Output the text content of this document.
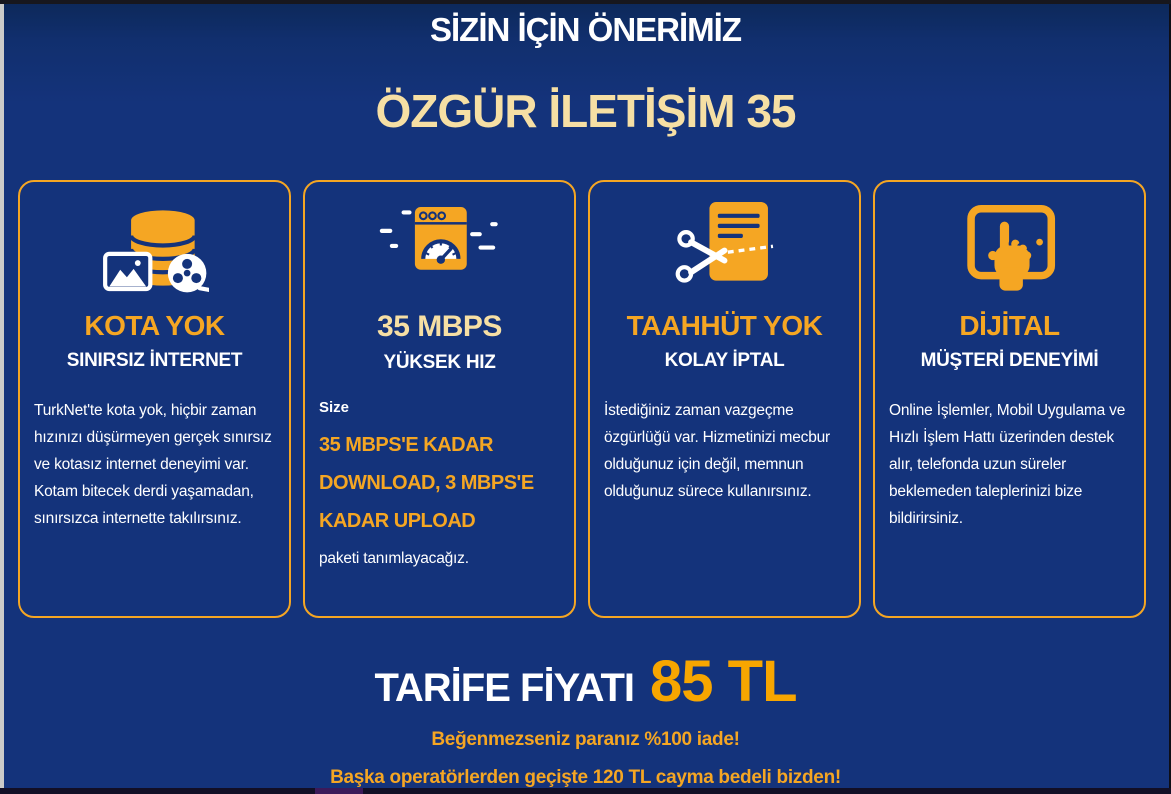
SİZİN İÇİN ÖNERİMİZ
ÖZGÜR İLETİŞİM 35
KOTA YOK
SINIRSIZ İNTERNET
TurkNet'te kota yok, hiçbir zaman hızınızı düşürmeyen gerçek sınırsız ve kotasız internet deneyimi var. Kotam bitecek derdi yaşamadan, sınırsızca internette takılırsınız.
35 MBPS
YÜKSEK HIZ
Size
35 MBPS'E KADAR DOWNLOAD, 3 MBPS'E KADAR UPLOAD
paketi tanımlayacağız.
TAAHHÜT YOK
KOLAY İPTAL
İstediğiniz zaman vazgeçme özgürlüğü var. Hizmetinizi mecbur olduğunuz için değil, memnun olduğunuz sürece kullanırsınız.
DİJİTAL
MÜŞTERİ DENEYİMİ
Online İşlemler, Mobil Uygulama ve Hızlı İşlem Hattı üzerinden destek alır, telefonda uzun süreler beklemeden taleplerinizi bize bildirirsiniz.
TARİFE FİYATI 85 TL
Beğenmezseniz paranız %100 iade!
Başka operatörlerden geçişte 120 TL cayma bedeli bizden!
